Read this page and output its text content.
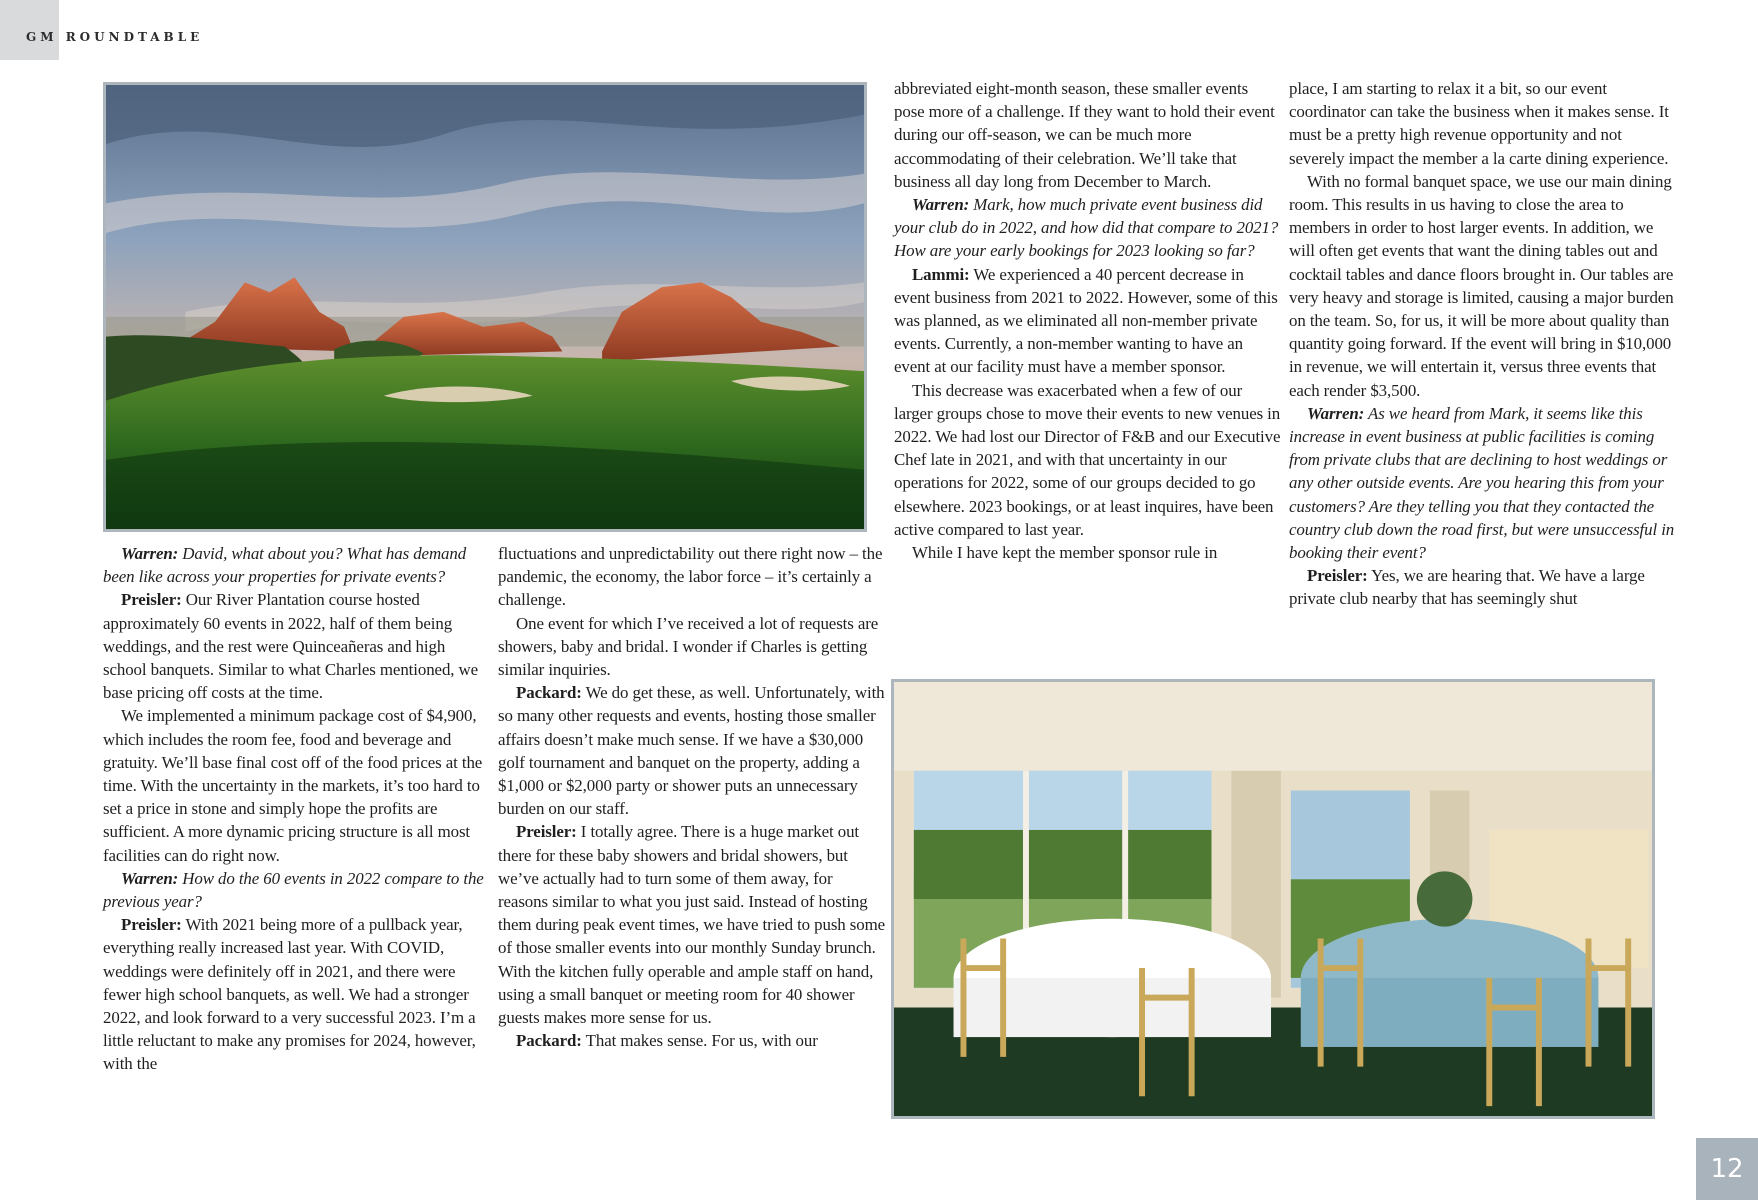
GM ROUNDTABLE

Warren: David, what about you? What has demand been like across your properties for private events?

Preisler: Our River Plantation course hosted approximately 60 events in 2022, half of them being weddings, and the rest were Quinceañeras and high school banquets. Similar to what Charles mentioned, we base pricing off costs at the time.

We implemented a minimum package cost of $4,900, which includes the room fee, food and beverage and gratuity. We’ll base final cost off of the food prices at the time. With the uncertainty in the markets, it’s too hard to set a price in stone and simply hope the profits are sufficient. A more dynamic pricing structure is all most facilities can do right now.

Warren: How do the 60 events in 2022 compare to the previous year?

Preisler: With 2021 being more of a pullback year, everything really increased last year. With COVID, weddings were definitely off in 2021, and there were fewer high school banquets, as well. We had a stronger 2022, and look forward to a very successful 2023. I’m a little reluctant to make any promises for 2024, however, with the

fluctuations and unpredictability out there right now – the pandemic, the economy, the labor force – it’s certainly a challenge.

One event for which I’ve received a lot of requests are showers, baby and bridal. I wonder if Charles is getting similar inquiries.

Packard: We do get these, as well. Unfortunately, with so many other requests and events, hosting those smaller affairs doesn’t make much sense. If we have a $30,000 golf tournament and banquet on the property, adding a $1,000 or $2,000 party or shower puts an unnecessary burden on our staff.

Preisler: I totally agree. There is a huge market out there for these baby showers and bridal showers, but we’ve actually had to turn some of them away, for reasons similar to what you just said. Instead of hosting them during peak event times, we have tried to push some of those smaller events into our monthly Sunday brunch. With the kitchen fully operable and ample staff on hand, using a small banquet or meeting room for 40 shower guests makes more sense for us.

Packard: That makes sense. For us, with our

abbreviated eight-month season, these smaller events pose more of a challenge. If they want to hold their event during our off-season, we can be much more accommodating of their celebration. We’ll take that business all day long from December to March.

Warren: Mark, how much private event business did your club do in 2022, and how did that compare to 2021? How are your early bookings for 2023 looking so far?

Lammi: We experienced a 40 percent decrease in event business from 2021 to 2022. However, some of this was planned, as we eliminated all non-member private events. Currently, a non-member wanting to have an event at our facility must have a member sponsor.

This decrease was exacerbated when a few of our larger groups chose to move their events to new venues in 2022. We had lost our Director of F&B and our Executive Chef late in 2021, and with that uncertainty in our operations for 2022, some of our groups decided to go elsewhere. 2023 bookings, or at least inquires, have been active compared to last year.

While I have kept the member sponsor rule in

place, I am starting to relax it a bit, so our event coordinator can take the business when it makes sense. It must be a pretty high revenue opportunity and not severely impact the member a la carte dining experience.

With no formal banquet space, we use our main dining room. This results in us having to close the area to members in order to host larger events. In addition, we will often get events that want the dining tables out and cocktail tables and dance floors brought in. Our tables are very heavy and storage is limited, causing a major burden on the team. So, for us, it will be more about quality than quantity going forward. If the event will bring in $10,000 in revenue, we will entertain it, versus three events that each render $3,500.

Warren: As we heard from Mark, it seems like this increase in event business at public facilities is coming from private clubs that are declining to host weddings or any other outside events. Are you hearing this from your customers? Are they telling you that they contacted the country club down the road first, but were unsuccessful in booking their event?

Preisler: Yes, we are hearing that. We have a large private club nearby that has seemingly shut

12
